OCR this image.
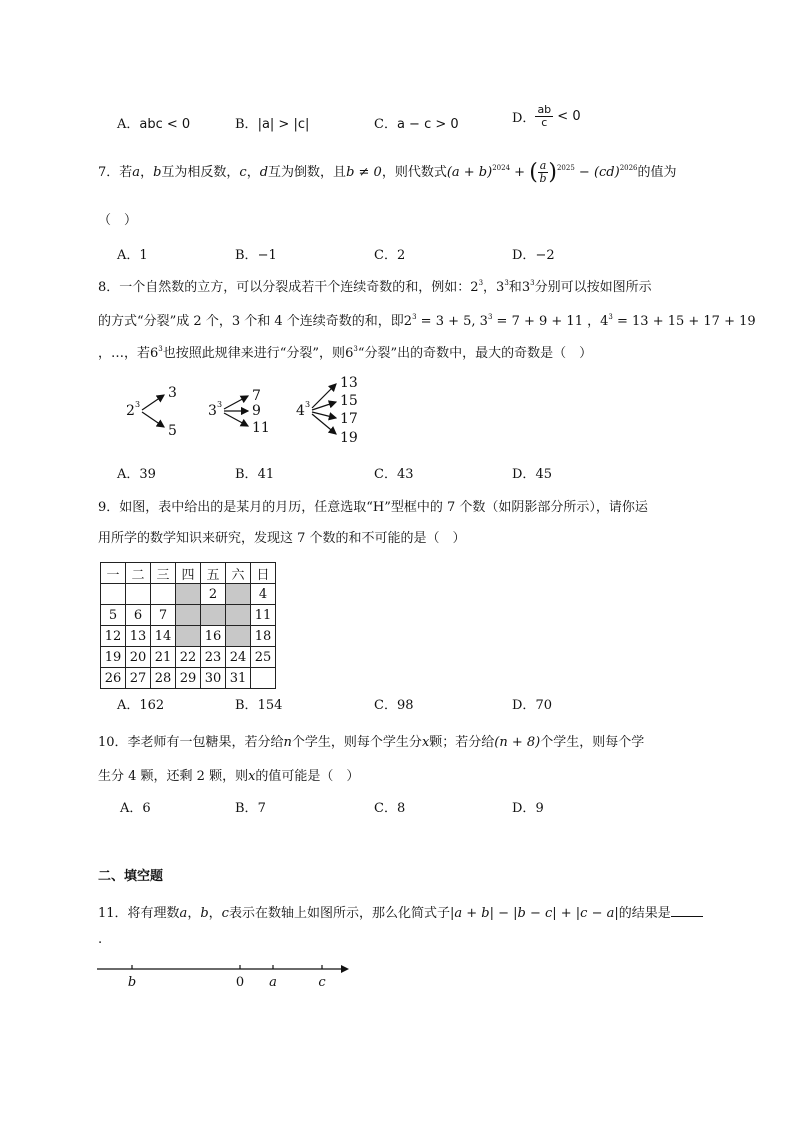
A．abc < 0	B．|a| > |c|	C．a − c > 0	D． $\frac{ab}{c} < 0$
7．若a，b互为相反数，c，d互为倒数，且b ≠ 0，则代数式$(a + b)^{2024}$ + ( $\frac{a}{b} )^{2025} - (cd)^{2026}$的值为
（　）
A．1	B．−1	C．2	D．−2
8．一个自然数的立方，可以分裂成若干个连续奇数的和，例如：$2^3$，$3^3$和$3^3$分别可以按如图所示
的方式“分裂”成 2 个，3 个和 4 个连续奇数的和，即$2^3 = 3 + 5$, $3^3 = 7 + 9 + 11$ ，$4^3 = 13 + 15 + 17 + 19$
，…，若$6^3$也按照此规律来进行“分裂”，则$6^3“$分裂”出的奇数中，最大的奇数是（　）
2 3
3
5
3 3
7
9
11
4 3
13
15
17
19
A．39	B．41	C．43	D．45
9．如图，表中给出的是某月的月历，任意选取“H”型框中的 7 个数（如阴影部分所示），请你运
用所学的数学知识来研究，发现这 7 个数的和不可能的是（　）
一	二	三	四	五	六	日
				2		4
5	6	7				11
12	13	14		16		18
19	20	21	22	23	24	25
26	27	28	29	30	31	
A．162	B．154	C．98	D．70
10．李老师有一包糖果，若分给n个学生，则每个学生分x颗；若分给(n + 8)个学生，则每个学
生分 4 颗，还剩 2 颗，则x的值可能是（　）
A．6	B．7	C．8	D．9
二、填空题
11．将有理数a，b，c表示在数轴上如图所示，那么化简式子|a + b| − |b − c| + |c − a|的结果是
.
b	0 a	c
